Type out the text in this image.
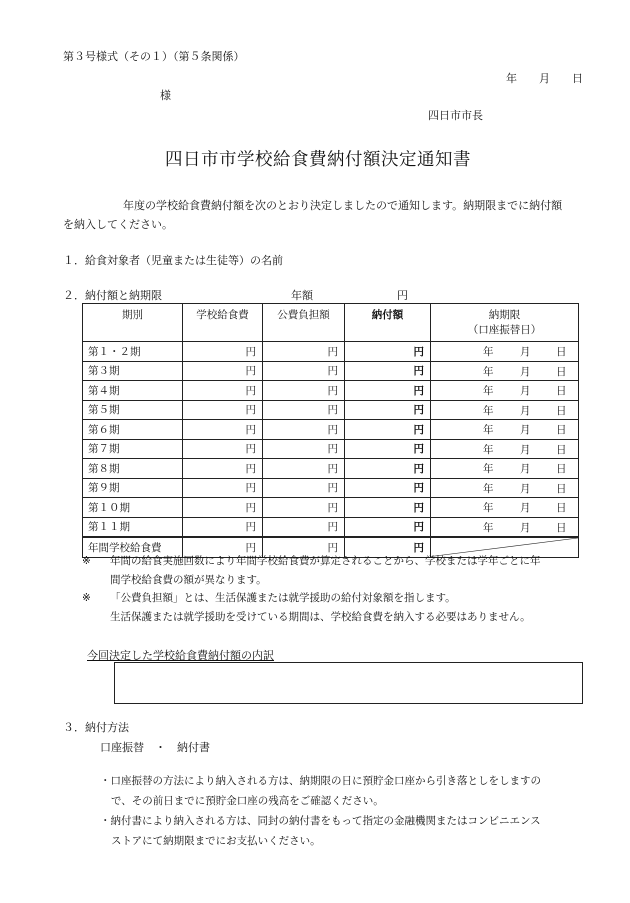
第３号様式（その１）（第５条関係）
年　　月　　日
様
四日市市長
四日市市学校給食費納付額決定通知書
年度の学校給食費納付額を次のとおり決定しましたので通知します。納期限までに納付額
を納入してください。
１．給食対象者（児童または生徒等）の名前
２．納付額と納期限	年額	円
期別	学校給食費	公費負担額	納付額	納期限
（口座振替日）
第１・２期	円	円	円	年 月 日

第３期	円	円	円	年 月 日

第４期	円	円	円	年 月 日

第５期	円	円	円	年 月 日

第６期	円	円	円	年 月 日

第７期	円	円	円	年 月 日

第８期	円	円	円	年 月 日

第９期	円	円	円	年 月 日

第１０期	円	円	円	年 月 日

第１１期	円	円	円	年 月 日

年間学校給食費	円	円	円	
※ 年間の給食実施回数により年間学校給食費が算定されることから、学校または学年ごとに年
間学校給食費の額が異なります。
※ 「公費負担額」とは、生活保護または就学援助の給付対象額を指します。
生活保護または就学援助を受けている期間は、学校給食費を納入する必要はありません。
今回決定した学校給食費納付額の内訳
３．納付方法
口座振替　・　納付書
・口座振替の方法により納入される方は、納期限の日に預貯金口座から引き落としをしますの
で、その前日までに預貯金口座の残高をご確認ください。
・納付書により納入される方は、同封の納付書をもって指定の金融機関またはコンビニエンス
ストアにて納期限までにお支払いください。
